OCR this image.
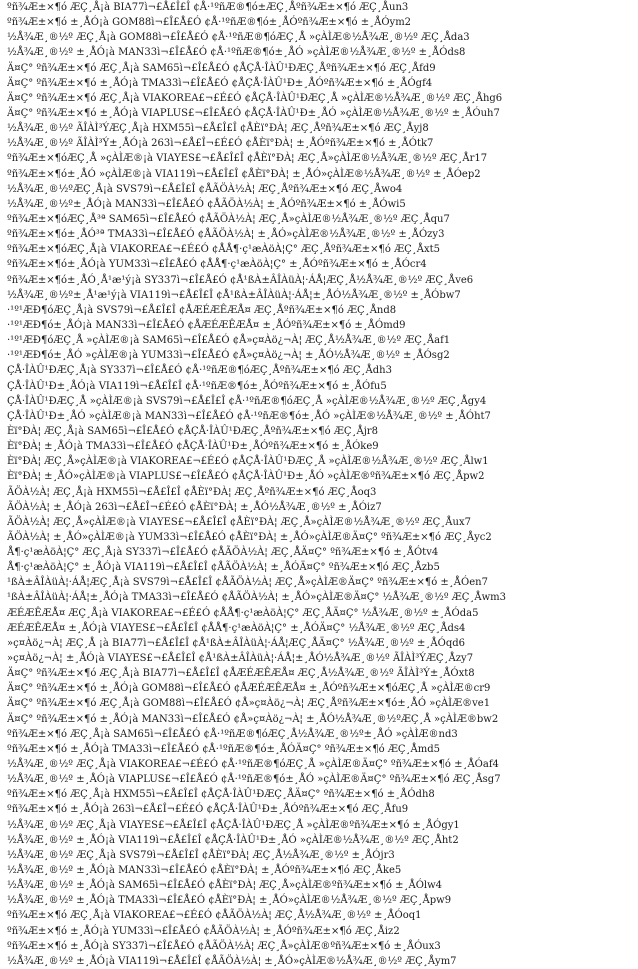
ºñ¾Æ±×¶ó ÆÇ¸Å¡à BIA77ì¬£Å£Î£Î ¢Å·¹ºñÆ®¶ó±ÆÇ¸Åºñ¾Æ±×¶ó ÆÇ¸Åun3
ºñ¾Æ±×¶ó ±¸ÅÓ¡à GOM88ì¬£Î£Å£Ó ¢Å·¹ºñÆ®¶ó±¸ÅÓºñ¾Æ±×¶ó ±¸ÅÓym2
½Å¾Æ¸®½º ÆÇ¸Å¡à GOM88ì¬£Î£Å£Ó ¢Å·¹ºñÆ®¶óÆÇ¸Å »çÀÌÆ®½Å¾Æ¸®½º ÆÇ¸Åda3
½Å¾Æ¸®½º ±¸ÅÓ¡à MAN33ì¬£Î£Å£Ó ¢Å·¹ºñÆ®¶ó±¸ÅÓ »çÀÌÆ®½Å¾Æ¸®½º ±¸ÅÓds8
Ä¤Ç° ºñ¾Æ±×¶ó ÆÇ¸Å¡à SAM65ì¬£Î£Å£Ó ¢ÅÇÅ·ÎÀÛ¹ÐÆÇ¸Åºñ¾Æ±×¶ó ÆÇ¸Åfd9
Ä¤Ç° ºñ¾Æ±×¶ó ±¸ÅÓ¡à TMA33ì¬£Î£Å£Ó ¢ÅÇÅ·ÎÀÛ¹Ð±¸ÅÓºñ¾Æ±×¶ó ±¸ÅÓgf4
Ä¤Ç° ºñ¾Æ±×¶ó ÆÇ¸Å¡à VIAKOREA£¬£É£Ó ¢ÅÇÅ·ÎÀÛ¹ÐÆÇ¸Å »çÀÌÆ®½Å¾Æ¸®½º ÆÇ¸Åhg6
Ä¤Ç° ºñ¾Æ±×¶ó ±¸ÅÓ¡à VIAPLUS£¬£Î£Å£Ó ¢ÅÇÅ·ÎÀÛ¹Ð±¸ÅÓ »çÀÌÆ®½Å¾Æ¸®½º ±¸ÅÓuh7
½Å¾Æ¸®½º ÃÎÀÌ³ÝÆÇ¸Å¡à HXM55ì¬£Å£Î£Î ¢ÅÈï°ÐÀ¦ ÆÇ¸Åºñ¾Æ±×¶ó ÆÇ¸Åyj8
½Å¾Æ¸®½º ÃÎÀÌ³Ý±¸ÅÓ¡à 263ì¬£Å£Î¬£É£Ó ¢ÅÈï°ÐÀ¦ ±¸ÅÓºñ¾Æ±×¶ó ±¸ÅÓtk7
ºñ¾Æ±×¶óÆÇ¸Å »çÀÌÆ®¡à VIAYES£¬£Å£Î£Î ¢ÅÈï°ÐÀ¦ ÆÇ¸Å»çÀÌÆ®½Å¾Æ¸®½º ÆÇ¸År17
ºñ¾Æ±×¶ó±¸ÅÓ »çÀÌÆ®¡à VIA119ì¬£Å£Î£Î ¢ÅÈï°ÐÀ¦ ±¸ÅÓ»çÀÌÆ®½Å¾Æ¸®½º ±¸ÅÓep2
½Å¾Æ¸®½ºÆÇ¸Å¡à SVS79ì¬£Å£Î£Î ¢ÅÃÖÀ½À¦ ÆÇ¸Åºñ¾Æ±×¶ó ÆÇ¸Åwo4
½Å¾Æ¸®½º±¸ÅÓ¡à MAN33ì¬£Î£Å£Ó ¢ÅÃÖÀ½À¦ ±¸ÅÓºñ¾Æ±×¶ó ±¸ÅÓwi5
ºñ¾Æ±×¶óÆÇ¸Å³ª SAM65ì¬£Î£Å£Ó ¢ÅÃÖÀ½À¦ ÆÇ¸Å»çÀÌÆ®½Å¾Æ¸®½º ÆÇ¸Åqu7
ºñ¾Æ±×¶ó±¸ÅÓ³ª TMA33ì¬£Î£Å£Ó ¢ÅÃÖÀ½À¦ ±¸ÅÓ»çÀÌÆ®½Å¾Æ¸®½º ±¸ÅÓzy3
ºñ¾Æ±×¶óÆÇ¸Å¡à VIAKOREA£¬£É£Ó ¢ÅÅ¶·ç¹æÀöÀ¦Ç° ÆÇ¸Åºñ¾Æ±×¶ó ÆÇ¸Åxt5
ºñ¾Æ±×¶ó±¸ÅÓ¡à YUM33ì¬£Î£Å£Ó ¢ÅÅ¶·ç¹æÀöÀ¦Ç° ±¸ÅÓºñ¾Æ±×¶ó ±¸ÅÓcr4
ºñ¾Æ±×¶ó±¸ÅÓ¸Å¹æ¹ý¡à SY337ì¬£Î£Å£Ó ¢Å¹ßÀ±ÂÎÀüÀ¦·ÁÅ¦ÆÇ¸Å½Å¾Æ¸®½º ÆÇ¸Åve6
½Å¾Æ¸®½º±¸Å¹æ¹ý¡à VIA119ì¬£Å£Î£Î ¢Å¹ßÀ±ÂÎÀüÀ¦·ÁÅ¦±¸ÅÓ½Å¾Æ¸®½º ±¸ÅÓbw7
·¹º¹ÆÐ¶óÆÇ¸Å¡à SVS79ì¬£Å£Î£Î ¢ÅÆÉÆÊÆÅ¤ ÆÇ¸Åºñ¾Æ±×¶ó ÆÇ¸Ånd8
·¹º¹ÆÐ¶ó±¸ÅÓ¡à MAN33ì¬£Î£Å£Ó ¢ÅÆÉÆÊÆÅ¤ ±¸ÅÓºñ¾Æ±×¶ó ±¸ÅÓmd9
·¹º¹ÆÐ¶óÆÇ¸Å »çÀÌÆ®¡à SAM65ì¬£Î£Å£Ó ¢Å»ç¤Àö¿¬À¦ ÆÇ¸Å½Å¾Æ¸®½º ÆÇ¸Åaf1
·¹º¹ÆÐ¶ó±¸ÅÓ »çÀÌÆ®¡à YUM33ì¬£Î£Å£Ó ¢Å»ç¤Àö¿¬À¦ ±¸ÅÓ½Å¾Æ¸®½º ±¸ÅÓsg2
ÇÅ·ÎÀÛ¹ÐÆÇ¸Å¡à SY337ì¬£Î£Å£Ó ¢Å·¹ºñÆ®¶óÆÇ¸Åºñ¾Æ±×¶ó ÆÇ¸Ådh3
ÇÅ·ÎÀÛ¹Ð±¸ÅÓ¡à VIA119ì¬£Å£Î£Î ¢Å·¹ºñÆ®¶ó±¸ÅÓºñ¾Æ±×¶ó ±¸ÅÓfu5
ÇÅ·ÎÀÛ¹ÐÆÇ¸Å »çÀÌÆ®¡à SVS79ì¬£Å£Î£Î ¢Å·¹ºñÆ®¶óÆÇ¸Å »çÀÌÆ®½Å¾Æ¸®½º ÆÇ¸Ågy4
ÇÅ·ÎÀÛ¹Ð±¸ÅÓ »çÀÌÆ®¡à MAN33ì¬£Î£Å£Ó ¢Å·¹ºñÆ®¶ó±¸ÅÓ »çÀÌÆ®½Å¾Æ¸®½º ±¸ÅÓht7
Èï°ÐÀ¦ ÆÇ¸Å¡à SAM65ì¬£Î£Å£Ó ¢ÅÇÅ·ÎÀÛ¹ÐÆÇ¸Åºñ¾Æ±×¶ó ÆÇ¸Åjr8
Èï°ÐÀ¦ ±¸ÅÓ¡à TMA33ì¬£Î£Å£Ó ¢ÅÇÅ·ÎÀÛ¹Ð±¸ÅÓºñ¾Æ±×¶ó ±¸ÅÓke9
Èï°ÐÀ¦ ÆÇ¸Å»çÀÌÆ®¡à VIAKOREA£¬£É£Ó ¢ÅÇÅ·ÎÀÛ¹ÐÆÇ¸Å »çÀÌÆ®½Å¾Æ¸®½º ÆÇ¸Ålw1
Èï°ÐÀ¦ ±¸ÅÓ»çÀÌÆ®¡à VIAPLUS£¬£Î£Å£Ó ¢ÅÇÅ·ÎÀÛ¹Ð±¸ÅÓ »çÀÌÆ®ºñ¾Æ±×¶ó ÆÇ¸Åpw2
ÃÖÀ½À¦ ÆÇ¸Å¡à HXM55ì¬£Å£Î£Î ¢ÅÈï°ÐÀ¦ ÆÇ¸Åºñ¾Æ±×¶ó ÆÇ¸Åoq3
ÃÖÀ½À¦ ±¸ÅÓ¡à 263ì¬£Å£Î¬£É£Ó ¢ÅÈï°ÐÀ¦ ±¸ÅÓ½Å¾Æ¸®½º ±¸ÅÓiz7
ÃÖÀ½À¦ ÆÇ¸Å»çÀÌÆ®¡à VIAYES£¬£Å£Î£Î ¢ÅÈï°ÐÀ¦ ÆÇ¸Å»çÀÌÆ®½Å¾Æ¸®½º ÆÇ¸Åux7
ÃÖÀ½À¦ ±¸ÅÓ»çÀÌÆ®¡à YUM33ì¬£Î£Å£Ó ¢ÅÈï°ÐÀ¦ ±¸ÅÓ»çÀÌÆ®Ä¤Ç° ºñ¾Æ±×¶ó ÆÇ¸Åyc2
Å¶·ç¹æÀöÀ¦Ç° ÆÇ¸Å¡à SY337ì¬£Î£Å£Ó ¢ÅÃÖÀ½À¦ ÆÇ¸ÅÄ¤Ç° ºñ¾Æ±×¶ó ±¸ÅÓtv4
Å¶·ç¹æÀöÀ¦Ç° ±¸ÅÓ¡à VIA119ì¬£Å£Î£Î ¢ÅÃÖÀ½À¦ ±¸ÅÓÄ¤Ç° ºñ¾Æ±×¶ó ÆÇ¸Åzb5
¹ßÀ±ÂÎÀüÀ¦·ÁÅ¦ÆÇ¸Å¡à SVS79ì¬£Å£Î£Î ¢ÅÃÖÀ½À¦ ÆÇ¸Å»çÀÌÆ®Ä¤Ç° ºñ¾Æ±×¶ó ±¸ÅÓen7
¹ßÀ±ÂÎÀüÀ¦·ÁÅ¦±¸ÅÓ¡à TMA33ì¬£Î£Å£Ó ¢ÅÃÖÀ½À¦ ±¸ÅÓ»çÀÌÆ®Ä¤Ç° ½Å¾Æ¸®½º ÆÇ¸Åwm3
ÆÉÆÊÆÅ¤ ÆÇ¸Å¡à VIAKOREA£¬£É£Ó ¢ÅÅ¶·ç¹æÀöÀ¦Ç° ÆÇ¸ÅÄ¤Ç° ½Å¾Æ¸®½º ±¸ÅÓda5
ÆÉÆÊÆÅ¤ ±¸ÅÓ¡à VIAYES£¬£Å£Î£Î ¢ÅÅ¶·ç¹æÀöÀ¦Ç° ±¸ÅÓÄ¤Ç° ½Å¾Æ¸®½º ÆÇ¸Åds4
»ç¤Àö¿¬À¦ ÆÇ¸Å ¡à BIA77ì¬£Å£Î£Î ¢Å¹ßÀ±ÂÎÀüÀ¦·ÁÅ¦ÆÇ¸ÅÄ¤Ç° ½Å¾Æ¸®½º ±¸ÅÓqd6
»ç¤Àö¿¬À¦ ±¸ÅÓ¡à VIAYES£¬£Å£Î£Î ¢Å¹ßÀ±ÂÎÀüÀ¦·ÁÅ¦±¸ÅÓ½Å¾Æ¸®½º ÃÎÀÌ³ÝÆÇ¸Åzy7
Ä¤Ç° ºñ¾Æ±×¶ó ÆÇ¸Å¡à BIA77ì¬£Å£Î£Î ¢ÅÆÉÆÊÆÅ¤ ÆÇ¸Å½Å¾Æ¸®½º ÃÎÀÌ³Ý±¸ÅÓxt8
Ä¤Ç° ºñ¾Æ±×¶ó ±¸ÅÓ¡à GOM88ì¬£Î£Å£Ó ¢ÅÆÉÆÊÆÅ¤ ±¸ÅÓºñ¾Æ±×¶óÆÇ¸Å »çÀÌÆ®cr9
Ä¤Ç° ºñ¾Æ±×¶ó ÆÇ¸Å¡à GOM88ì¬£Î£Å£Ó ¢Å»ç¤Àö¿¬À¦ ÆÇ¸Åºñ¾Æ±×¶ó±¸ÅÓ »çÀÌÆ®ve1
Ä¤Ç° ºñ¾Æ±×¶ó ±¸ÅÓ¡à MAN33ì¬£Î£Å£Ó ¢Å»ç¤Àö¿¬À¦ ±¸ÅÓ½Å¾Æ¸®½ºÆÇ¸Å »çÀÌÆ®bw2
ºñ¾Æ±×¶ó ÆÇ¸Å¡à SAM65ì¬£Î£Å£Ó ¢Å·¹ºñÆ®¶óÆÇ¸Å½Å¾Æ¸®½º±¸ÅÓ »çÀÌÆ®nd3
ºñ¾Æ±×¶ó ±¸ÅÓ¡à TMA33ì¬£Î£Å£Ó ¢Å·¹ºñÆ®¶ó±¸ÅÓÄ¤Ç° ºñ¾Æ±×¶ó ÆÇ¸Åmd5
½Å¾Æ¸®½º ÆÇ¸Å¡à VIAKOREA£¬£É£Ó ¢Å·¹ºñÆ®¶óÆÇ¸Å »çÀÌÆ®Ä¤Ç° ºñ¾Æ±×¶ó ±¸ÅÓaf4
½Å¾Æ¸®½º ±¸ÅÓ¡à VIAPLUS£¬£Î£Å£Ó ¢Å·¹ºñÆ®¶ó±¸ÅÓ »çÀÌÆ®Ä¤Ç° ºñ¾Æ±×¶ó ÆÇ¸Åsg7
ºñ¾Æ±×¶ó ÆÇ¸Å¡à HXM55ì¬£Å£Î£Î ¢ÅÇÅ·ÎÀÛ¹ÐÆÇ¸ÅÄ¤Ç° ºñ¾Æ±×¶ó ±¸ÅÓdh8
ºñ¾Æ±×¶ó ±¸ÅÓ¡à 263ì¬£Å£Î¬£É£Ó ¢ÅÇÅ·ÎÀÛ¹Ð±¸ÅÓºñ¾Æ±×¶ó ÆÇ¸Åfu9
½Å¾Æ¸®½º ÆÇ¸Å¡à VIAYES£¬£Å£Î£Î ¢ÅÇÅ·ÎÀÛ¹ÐÆÇ¸Å »çÀÌÆ®ºñ¾Æ±×¶ó ±¸ÅÓgy1
½Å¾Æ¸®½º ±¸ÅÓ¡à VIA119ì¬£Å£Î£Î ¢ÅÇÅ·ÎÀÛ¹Ð±¸ÅÓ »çÀÌÆ®½Å¾Æ¸®½º ÆÇ¸Åht2
½Å¾Æ¸®½º ÆÇ¸Å¡à SVS79ì¬£Å£Î£Î ¢ÅÈï°ÐÀ¦ ÆÇ¸Å½Å¾Æ¸®½º ±¸ÅÓjr3
½Å¾Æ¸®½º ±¸ÅÓ¡à MAN33ì¬£Î£Å£Ó ¢ÅÈï°ÐÀ¦ ±¸ÅÓºñ¾Æ±×¶ó ÆÇ¸Åke5
½Å¾Æ¸®½º ±¸ÅÓ¡à SAM65ì¬£Î£Å£Ó ¢ÅÈï°ÐÀ¦ ÆÇ¸Å»çÀÌÆ®ºñ¾Æ±×¶ó ±¸ÅÓlw4
½Å¾Æ¸®½º ±¸ÅÓ¡à TMA33ì¬£Î£Å£Ó ¢ÅÈï°ÐÀ¦ ±¸ÅÓ»çÀÌÆ®½Å¾Æ¸®½º ÆÇ¸Åpw9
ºñ¾Æ±×¶ó ÆÇ¸Å¡à VIAKOREA£¬£É£Ó ¢ÅÃÖÀ½À¦ ÆÇ¸Å½Å¾Æ¸®½º ±¸ÅÓoq1
ºñ¾Æ±×¶ó ±¸ÅÓ¡à YUM33ì¬£Î£Å£Ó ¢ÅÃÖÀ½À¦ ±¸ÅÓºñ¾Æ±×¶ó ÆÇ¸Åiz2
ºñ¾Æ±×¶ó ±¸ÅÓ¡à SY337ì¬£Î£Å£Ó ¢ÅÃÖÀ½À¦ ÆÇ¸Å»çÀÌÆ®ºñ¾Æ±×¶ó ±¸ÅÓux3
½Å¾Æ¸®½º ±¸ÅÓ¡à VIA119ì¬£Å£Î£Î ¢ÅÃÖÀ½À¦ ±¸ÅÓ»çÀÌÆ®½Å¾Æ¸®½º ÆÇ¸Åym7
